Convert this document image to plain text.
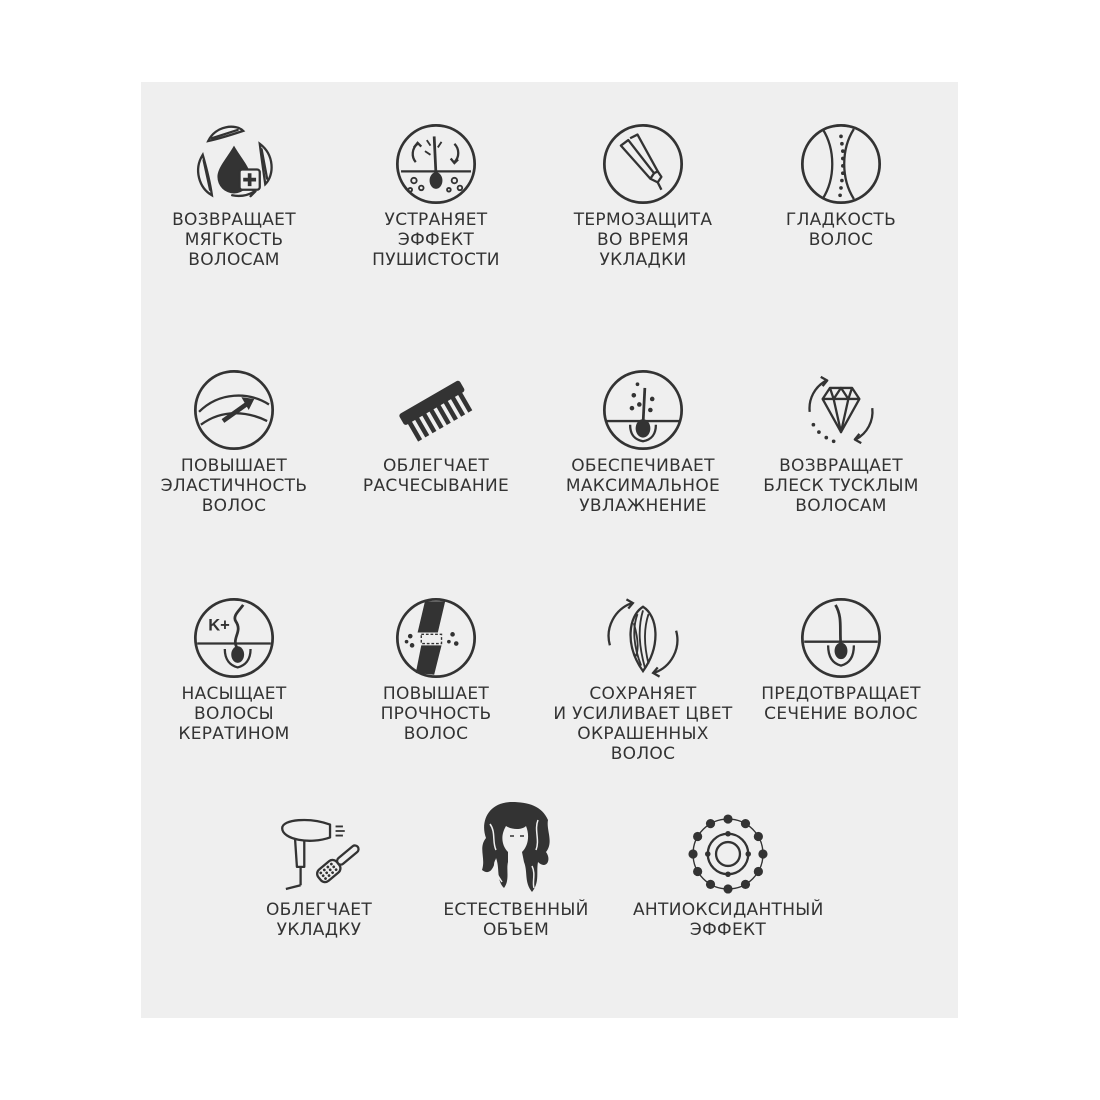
ВОЗВРАЩАЕТ
МЯГКОСТЬ
ВОЛОСАМ
УСТРАНЯЕТ
ЭФФЕКТ
ПУШИСТОСТИ
ТЕРМОЗАЩИТА
ВО ВРЕМЯ
УКЛАДКИ
ГЛАДКОСТЬ
ВОЛОС
ПОВЫШАЕТ
ЭЛАСТИЧНОСТЬ
ВОЛОС
ОБЛЕГЧАЕТ
РАСЧЕСЫВАНИЕ
ОБЕСПЕЧИВАЕТ
МАКСИМАЛЬНОЕ
УВЛАЖНЕНИЕ
ВОЗВРАЩАЕТ
БЛЕСК ТУСКЛЫМ
ВОЛОСАМ
K+
НАСЫЩАЕТ
ВОЛОСЫ
КЕРАТИНОМ
ПОВЫШАЕТ
ПРОЧНОСТЬ
ВОЛОС
СОХРАНЯЕТ
И УСИЛИВАЕТ ЦВЕТ
ОКРАШЕННЫХ
ВОЛОС
ПРЕДОТВРАЩАЕТ
СЕЧЕНИЕ ВОЛОС
ОБЛЕГЧАЕТ
УКЛАДКУ
ЕСТЕСТВЕННЫЙ
ОБЪЕМ
АНТИОКСИДАНТНЫЙ
ЭФФЕКТ
